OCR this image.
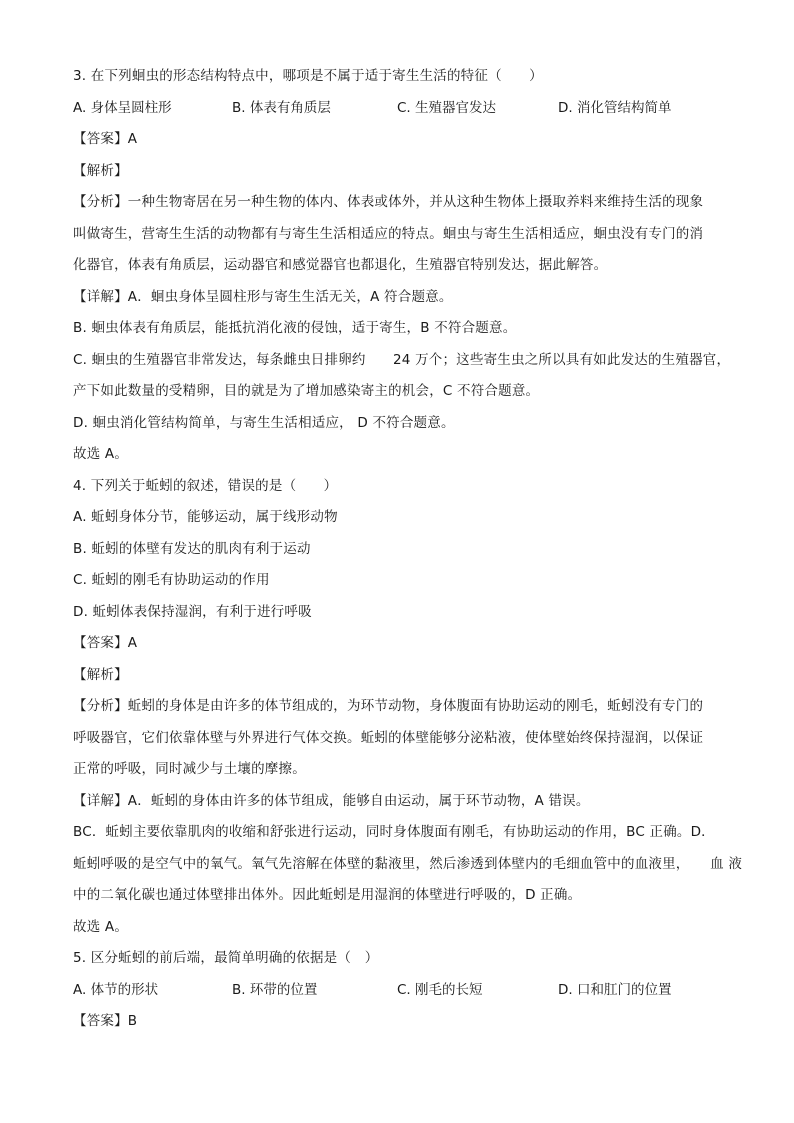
3. 在下列蛔虫的形态结构特点中，哪项是不属于适于寄生生活的特征（　　）
A. 身体呈圆柱形	B. 体表有角质层	C. 生殖器官发达	D. 消化管结构简单
【答案】A
【解析】
【分析】一种生物寄居在另一种生物的体内、体表或体外，并从这种生物体上摄取养料来维持生活的现象
叫做寄生，营寄生生活的动物都有与寄生生活相适应的特点。蛔虫与寄生生活相适应，蛔虫没有专门的消
化器官，体表有角质层，运动器官和感觉器官也都退化，生殖器官特别发达，据此解答。
【详解】A．蛔虫身体呈圆柱形与寄生生活无关，A 符合题意。
B. 蛔虫体表有角质层，能抵抗消化液的侵蚀，适于寄生，B 不符合题意。
C. 蛔虫的生殖器官非常发达，每条雌虫日排卵约　　24 万个；这些寄生虫之所以具有如此发达的生殖器官，
产下如此数量的受精卵，目的就是为了增加感染寄主的机会，C 不符合题意。
D. 蛔虫消化管结构简单，与寄生生活相适应， D 不符合题意。
故选 A。
4. 下列关于蚯蚓的叙述，错误的是（　　）
A. 蚯蚓身体分节，能够运动，属于线形动物
B. 蚯蚓的体壁有发达的肌肉有利于运动
C. 蚯蚓的刚毛有协助运动的作用
D. 蚯蚓体表保持湿润，有利于进行呼吸
【答案】A
【解析】
【分析】蚯蚓的身体是由许多的体节组成的，为环节动物，身体腹面有协助运动的刚毛，蚯蚓没有专门的
呼吸器官，它们依靠体壁与外界进行气体交换。蚯蚓的体壁能够分泌粘液，使体壁始终保持湿润，以保证
正常的呼吸，同时减少与土壤的摩擦。
【详解】A．蚯蚓的身体由许多的体节组成，能够自由运动，属于环节动物，A 错误。
BC．蚯蚓主要依靠肌肉的收缩和舒张进行运动，同时身体腹面有刚毛，有协助运动的作用，BC 正确。D．
蚯蚓呼吸的是空气中的氧气。氧气先溶解在体壁的黏液里，然后渗透到体壁内的毛细血管中的血液里，　　血 液
中的二氧化碳也通过体壁排出体外。因此蚯蚓是用湿润的体壁进行呼吸的，D 正确。
故选 A。
5. 区分蚯蚓的前后端，最简单明确的依据是（　）
A. 体节的形状	B. 环带的位置	C. 刚毛的长短	D. 口和肛门的位置
【答案】B
